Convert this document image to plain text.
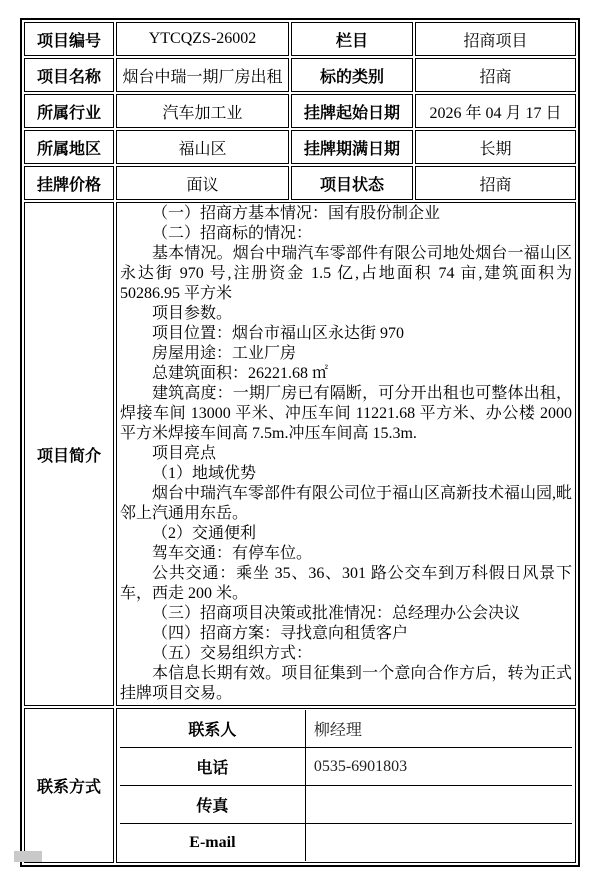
项目编号	YTCQZS-26002	栏目	招商项目
项目名称	烟台中瑞一期厂房出租	标的类别	招商
所属行业	汽车加工业	挂牌起始日期	2026 年 04 月 17 日
所属地区	福山区	挂牌期满日期	长期
挂牌价格	面议	项目状态	招商
项目简介	

（一）招商方基本情况：国有股份制企业

（二）招商标的情况：

基本情况。烟台中瑞汽车零部件有限公司地处烟台一福山区永达街 970 号,注册资金 1.5 亿,占地面积 74 亩,建筑面积为 50286.95 平方米

项目参数。

项目位置：烟台市福山区永达街 970

房屋用途：工业厂房

总建筑面积：26221.68 ㎡

建筑高度：一期厂房已有隔断，可分开出租也可整体出租，焊接车间 13000 平米、冲压车间 11221.68 平方米、办公楼 2000 平方米焊接车间高 7.5m.冲压车间高 15.3m.

项目亮点

（1）地域优势

烟台中瑞汽车零部件有限公司位于福山区高新技术福山园,毗邻上汽通用东岳。

（2）交通便利

驾车交通：有停车位。

公共交通：乘坐 35、36、301 路公交车到万科假日风景下车，西走 200 米。

（三）招商项目决策或批准情况：总经理办公会决议

（四）招商方案：寻找意向租赁客户

（五）交易组织方式：

本信息长期有效。项目征集到一个意向合作方后，转为正式挂牌项目交易。

联系方式	
联系人	柳经理
电话	0535-6901803
传真	
E-mail	
